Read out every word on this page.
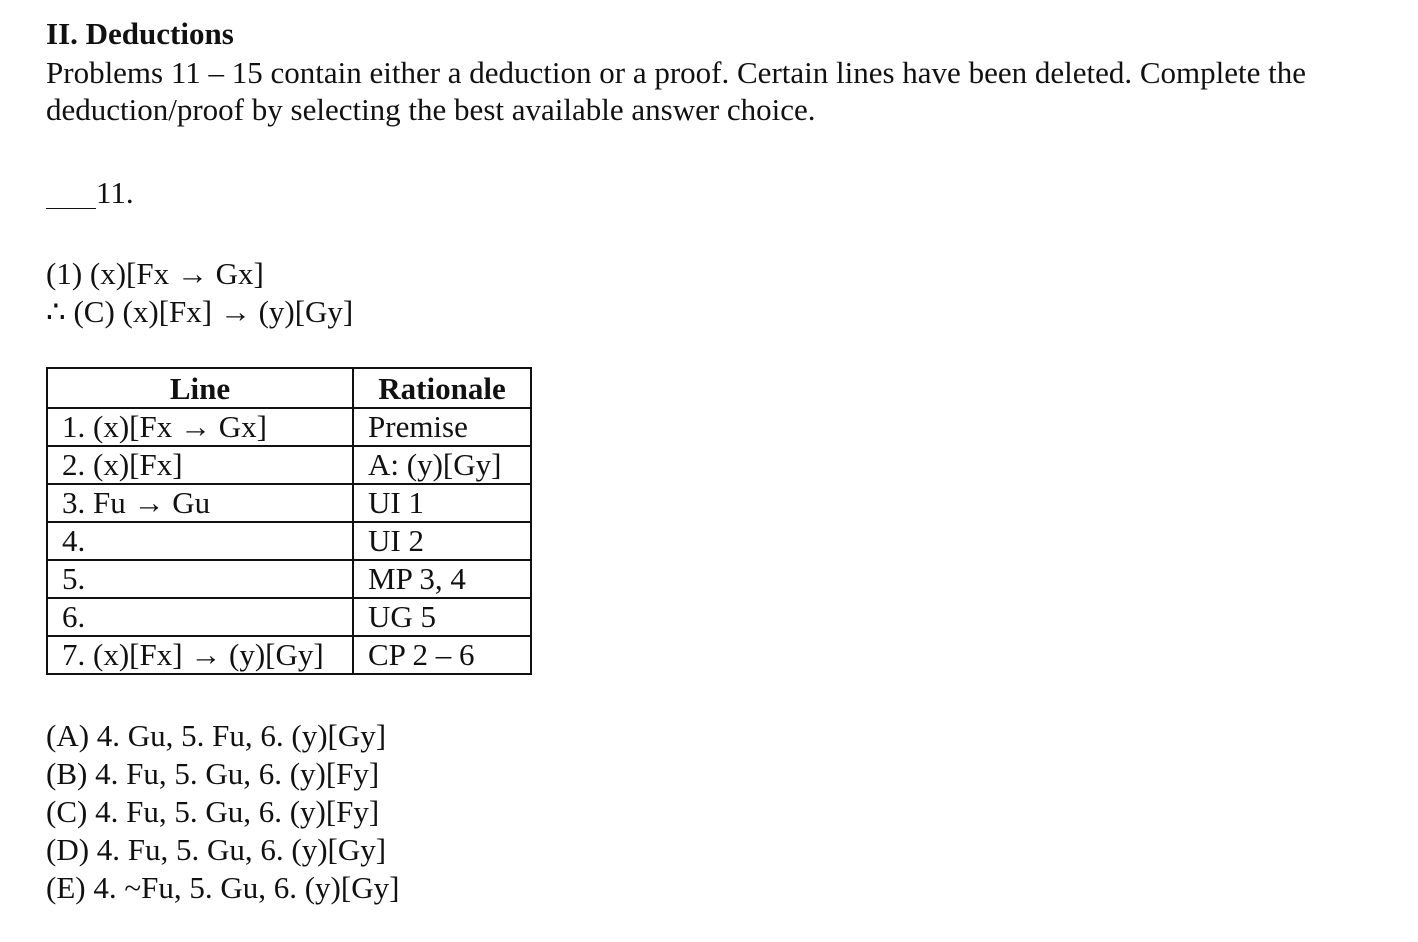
II. Deductions

Problems 11 – 15 contain either a deduction or a proof. Certain lines have been deleted. Complete the deduction/proof by selecting the best available answer choice.

11.
(1) (x)[Fx → Gx]
∴ (C) (x)[Fx] → (y)[Gy]
Line	Rationale
1. (x)[Fx → Gx]	Premise
2. (x)[Fx]	A: (y)[Gy]
3. Fu → Gu	UI 1
4.	UI 2
5.	MP 3, 4
6.	UG 5
7. (x)[Fx] → (y)[Gy]	CP 2 – 6
(A) 4. Gu, 5. Fu, 6. (y)[Gy]
(B) 4. Fu, 5. Gu, 6. (y)[Fy]
(C) 4. Fu, 5. Gu, 6. (y)[Fy]
(D) 4. Fu, 5. Gu, 6. (y)[Gy]
(E) 4. ~Fu, 5. Gu, 6. (y)[Gy]
